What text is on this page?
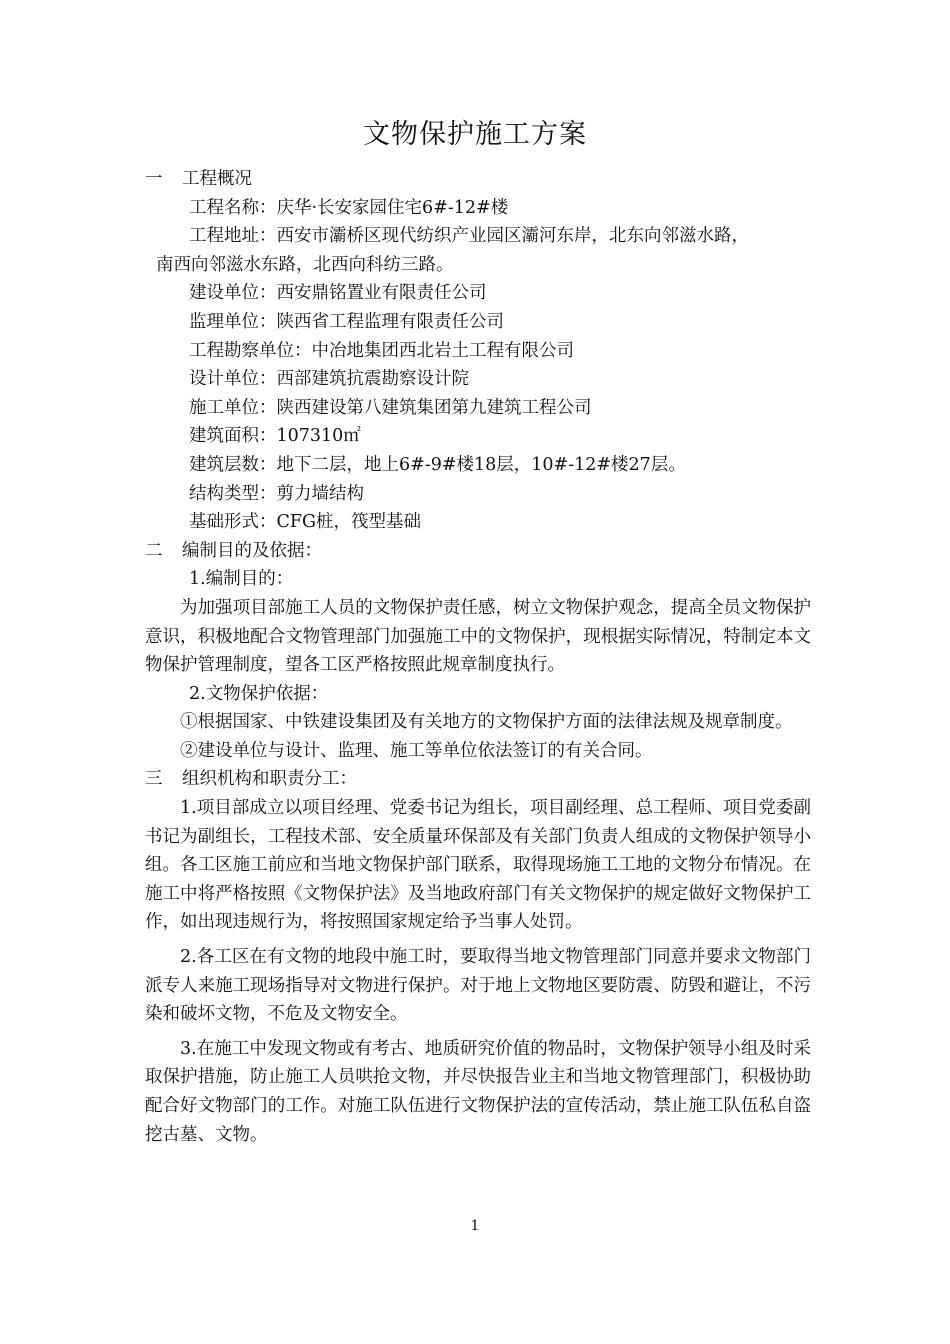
文物保护施工方案

一 工程概况

工程名称：庆华·长安家园住宅6#-12#楼

工程地址：西安市灞桥区现代纺织产业园区灞河东岸，北东向邻滋水路，

南西向邻滋水东路，北西向科纺三路。

建设单位：西安鼎铭置业有限责任公司

监理单位：陕西省工程监理有限责任公司

工程勘察单位：中冶地集团西北岩土工程有限公司

设计单位：西部建筑抗震勘察设计院

施工单位：陕西建设第八建筑集团第九建筑工程公司

建筑面积：107310㎡

建筑层数：地下二层，地上6#-9#楼18层，10#-12#楼27层。

结构类型：剪力墙结构

基础形式：CFG桩，筏型基础

二 编制目的及依据：

1.编制目的：

为加强项目部施工人员的文物保护责任感，树立文物保护观念，提高全员文物保护意识，积极地配合文物管理部门加强施工中的文物保护，现根据实际情况，特制定本文物保护管理制度，望各工区严格按照此规章制度执行。

2.文物保护依据：

①根据国家、中铁建设集团及有关地方的文物保护方面的法律法规及规章制度。

②建设单位与设计、监理、施工等单位依法签订的有关合同。

三 组织机构和职责分工：

1.项目部成立以项目经理、党委书记为组长，项目副经理、总工程师、项目党委副书记为副组长，工程技术部、安全质量环保部及有关部门负责人组成的文物保护领导小组。各工区施工前应和当地文物保护部门联系，取得现场施工工地的文物分布情况。在施工中将严格按照《文物保护法》及当地政府部门有关文物保护的规定做好文物保护工作，如出现违规行为，将按照国家规定给予当事人处罚。

2.各工区在有文物的地段中施工时，要取得当地文物管理部门同意并要求文物部门派专人来施工现场指导对文物进行保护。对于地上文物地区要防震、防毁和避让，不污染和破坏文物，不危及文物安全。

3.在施工中发现文物或有考古、地质研究价值的物品时，文物保护领导小组及时采取保护措施，防止施工人员哄抢文物，并尽快报告业主和当地文物管理部门，积极协助配合好文物部门的工作。对施工队伍进行文物保护法的宣传活动，禁止施工队伍私自盗挖古墓、文物。

1
